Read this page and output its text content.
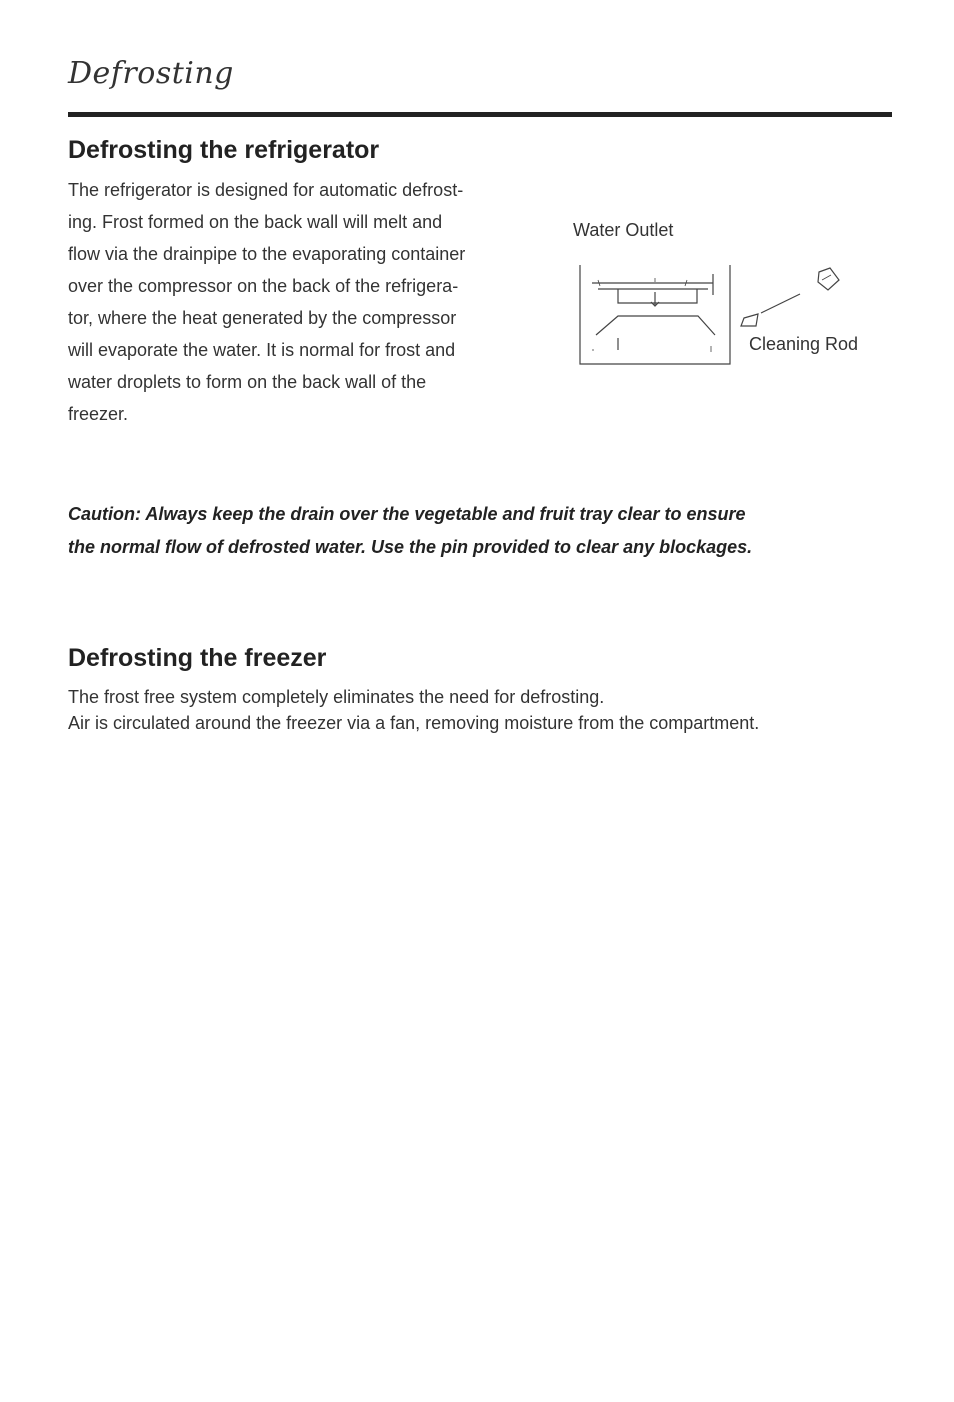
Defrosting
Defrosting the refrigerator
The refrigerator is designed for automatic defrost-
ing. Frost formed on the back wall will melt and
flow via the drainpipe to the evaporating container
over the compressor on the back of the refrigera-
tor, where the heat generated by the compressor
will evaporate the water. It is normal for frost and
water droplets to form on the back wall of the
freezer.
Water Outlet
Cleaning Rod
Caution: Always keep the drain over the vegetable and fruit tray clear to ensure
the normal flow of defrosted water. Use the pin provided to clear any blockages.
Defrosting the freezer
The frost free system completely eliminates the need for defrosting.
Air is circulated around the freezer via a fan, removing moisture from the compartment.
